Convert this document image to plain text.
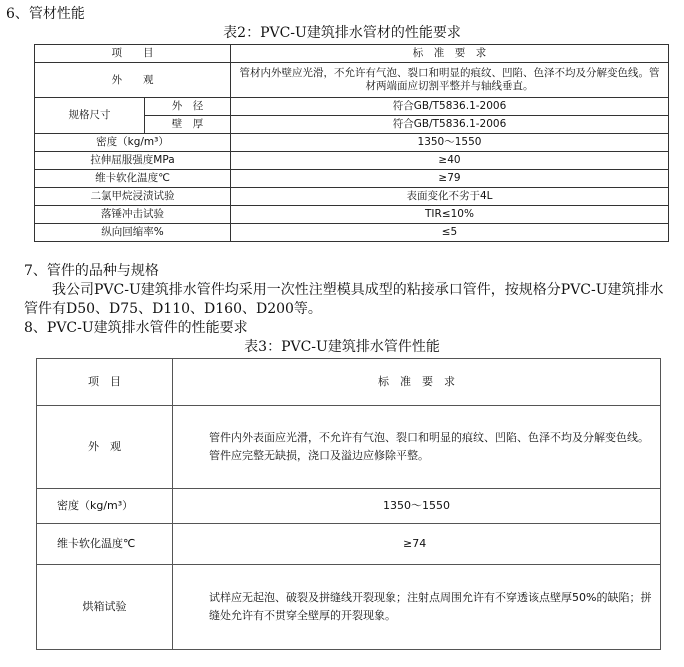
6、管材性能
表2：PVC-U建筑排水管材的性能要求
项　　目		标　准　要　求
外　　观		管材内外壁应光滑，不允许有气泡、裂口和明显的痕纹、凹陷、色泽不均及分解变色线。管材两端面应切割平整并与轴线垂直。
规格尺寸	外　径	符合GB/T5836.1-2006
	壁　厚	符合GB/T5836.1-2006
密度（kg/m³）		1350～1550
拉伸屈服强度MPa		≥40
维卡软化温度℃		≥79
二氯甲烷浸渍试验		表面变化不劣于4L
落锤冲击试验		TIR≤10%
纵向回缩率%		≤5
7、管件的品种与规格
我公司PVC-U建筑排水管件均采用一次性注塑模具成型的粘接承口管件，按规格分PVC-U建筑排水管件有D50、D75、D110、D160、D200等。
8、PVC-U建筑排水管件的性能要求
表3：PVC-U建筑排水管件性能
项　目	标　准　要　求
外　观	管件内外表面应光滑，不允许有气泡、裂口和明显的痕纹、凹陷、色泽不均及分解变色线。管件应完整无缺损，浇口及溢边应修除平整。
密度（kg/m³）	1350～1550
维卡软化温度℃	≥74
烘箱试验	试样应无起泡、破裂及拼缝线开裂现象；注射点周围允许有不穿透该点壁厚50%的缺陷；拼缝处允许有不贯穿全壁厚的开裂现象。
